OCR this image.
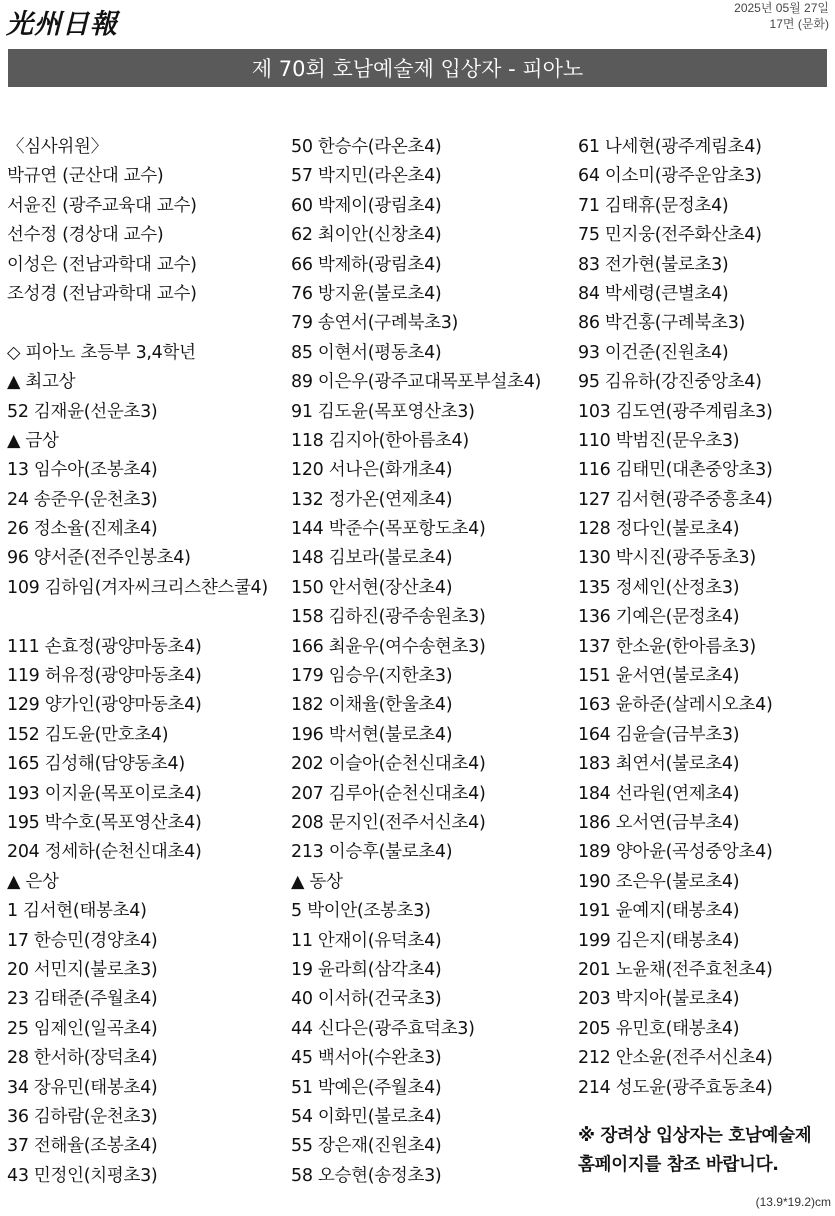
光州日報
2025년 05월 27일
17면 (문화)
제 70회 호남예술제 입상자 - 피아노
〈심사위원〉
박규연 (군산대 교수)
서윤진 (광주교육대 교수)
선수정 (경상대 교수)
이성은 (전남과학대 교수)
조성경 (전남과학대 교수)
◇ 피아노 초등부 3,4학년
▲ 최고상
52 김재윤(선운초3)
▲ 금상
13 임수아(조봉초4)
24 송준우(운천초3)
26 정소율(진제초4)
96 양서준(전주인봉초4)
109 김하임(겨자씨크리스챤스쿨4)
111 손효정(광양마동초4)
119 허유정(광양마동초4)
129 양가인(광양마동초4)
152 김도윤(만호초4)
165 김성해(담양동초4)
193 이지윤(목포이로초4)
195 박수호(목포영산초4)
204 정세하(순천신대초4)
▲ 은상
1 김서현(태봉초4)
17 한승민(경양초4)
20 서민지(불로초3)
23 김태준(주월초4)
25 임제인(일곡초4)
28 한서하(장덕초4)
34 장유민(태봉초4)
36 김하람(운천초3)
37 전해율(조봉초4)
43 민정인(치평초3)
50 한승수(라온초4)
57 박지민(라온초4)
60 박제이(광림초4)
62 최이안(신창초4)
66 박제하(광림초4)
76 방지윤(불로초4)
79 송연서(구례북초3)
85 이현서(평동초4)
89 이은우(광주교대목포부설초4)
91 김도윤(목포영산초3)
118 김지아(한아름초4)
120 서나은(화개초4)
132 정가온(연제초4)
144 박준수(목포항도초4)
148 김보라(불로초4)
150 안서현(장산초4)
158 김하진(광주송원초3)
166 최윤우(여수송현초3)
179 임승우(지한초3)
182 이채율(한울초4)
196 박서현(불로초4)
202 이슬아(순천신대초4)
207 김루아(순천신대초4)
208 문지인(전주서신초4)
213 이승후(불로초4)
▲ 동상
5 박이안(조봉초3)
11 안재이(유덕초4)
19 윤라희(삼각초4)
40 이서하(건국초3)
44 신다은(광주효덕초3)
45 백서아(수완초3)
51 박예은(주월초4)
54 이화민(불로초4)
55 장은재(진원초4)
58 오승현(송정초3)
61 나세현(광주계림초4)
64 이소미(광주운암초3)
71 김태휴(문정초4)
75 민지웅(전주화산초4)
83 전가현(불로초3)
84 박세령(큰별초4)
86 박건홍(구례북초3)
93 이건준(진원초4)
95 김유하(강진중앙초4)
103 김도연(광주계림초3)
110 박범진(문우초3)
116 김태민(대촌중앙초3)
127 김서현(광주중흥초4)
128 정다인(불로초4)
130 박시진(광주동초3)
135 정세인(산정초3)
136 기예은(문정초4)
137 한소윤(한아름초3)
151 윤서연(불로초4)
163 윤하준(살레시오초4)
164 김윤슬(금부초3)
183 최연서(불로초4)
184 선라원(연제초4)
186 오서연(금부초4)
189 양아윤(곡성중앙초4)
190 조은우(불로초4)
191 윤예지(태봉초4)
199 김은지(태봉초4)
201 노윤채(전주효천초4)
203 박지아(불로초4)
205 유민호(태봉초4)
212 안소윤(전주서신초4)
214 성도윤(광주효동초4)
※ 장려상 입상자는 호남예술제 홈페이지를 참조 바랍니다.
(13.9*19.2)cm
